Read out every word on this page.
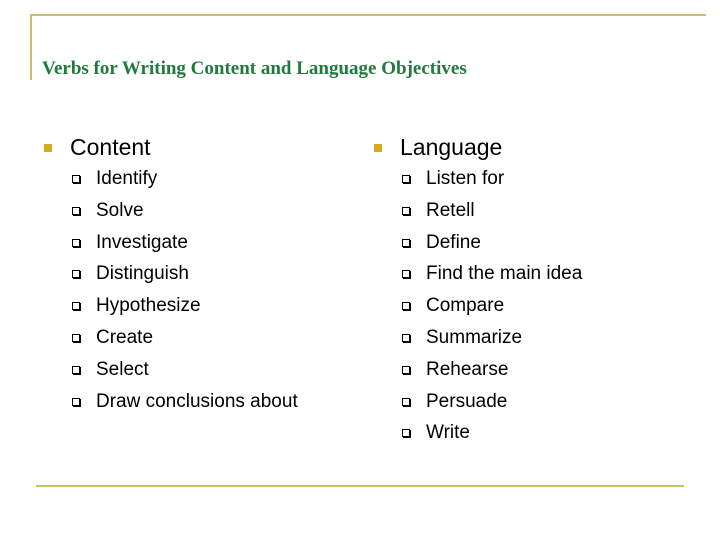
Verbs for Writing Content and Language Objectives
Content
Identify
Solve
Investigate
Distinguish
Hypothesize
Create
Select
Draw conclusions about
Language
Listen for
Retell
Define
Find the main idea
Compare
Summarize
Rehearse
Persuade
Write
